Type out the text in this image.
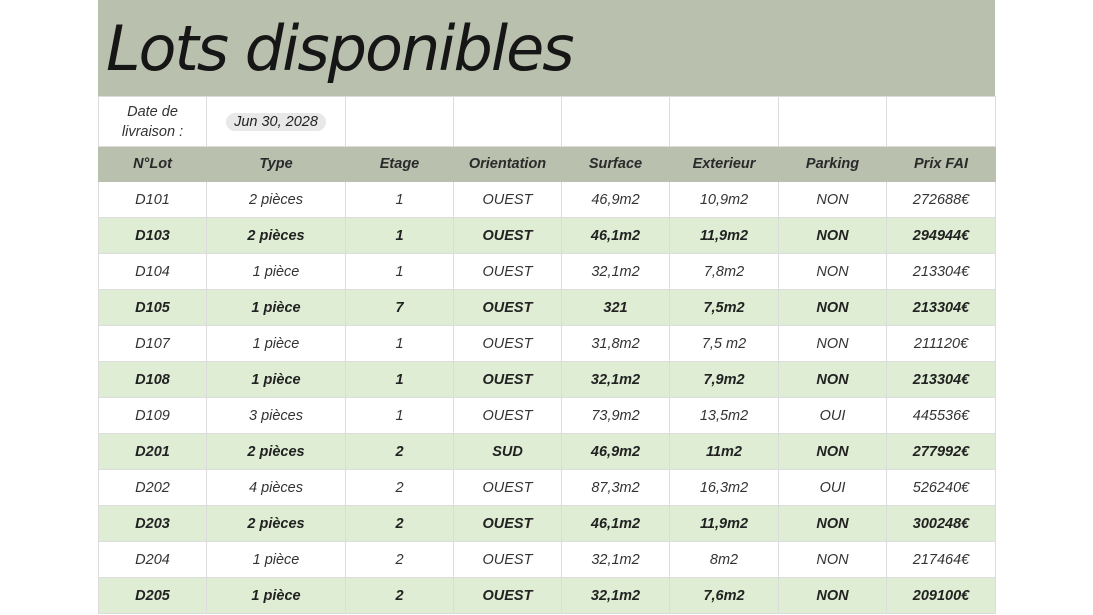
Lots disponibles
Date de livraison :	Jun 30, 2028						
N°Lot	Type	Etage	Orientation	Surface	Exterieur	Parking	Prix FAI
D101	2 pièces	1	OUEST	46,9m2	10,9m2	NON	272688€
D103	2 pièces	1	OUEST	46,1m2	11,9m2	NON	294944€
D104	1 pièce	1	OUEST	32,1m2	7,8m2	NON	213304€
D105	1 pièce	7	OUEST	321	7,5m2	NON	213304€
D107	1 pièce	1	OUEST	31,8m2	7,5 m2	NON	211120€
D108	1 pièce	1	OUEST	32,1m2	7,9m2	NON	213304€
D109	3 pièces	1	OUEST	73,9m2	13,5m2	OUI	445536€
D201	2 pièces	2	SUD	46,9m2	11m2	NON	277992€
D202	4 pièces	2	OUEST	87,3m2	16,3m2	OUI	526240€
D203	2 pièces	2	OUEST	46,1m2	11,9m2	NON	300248€
D204	1 pièce	2	OUEST	32,1m2	8m2	NON	217464€
D205	1 pièce	2	OUEST	32,1m2	7,6m2	NON	209100€
